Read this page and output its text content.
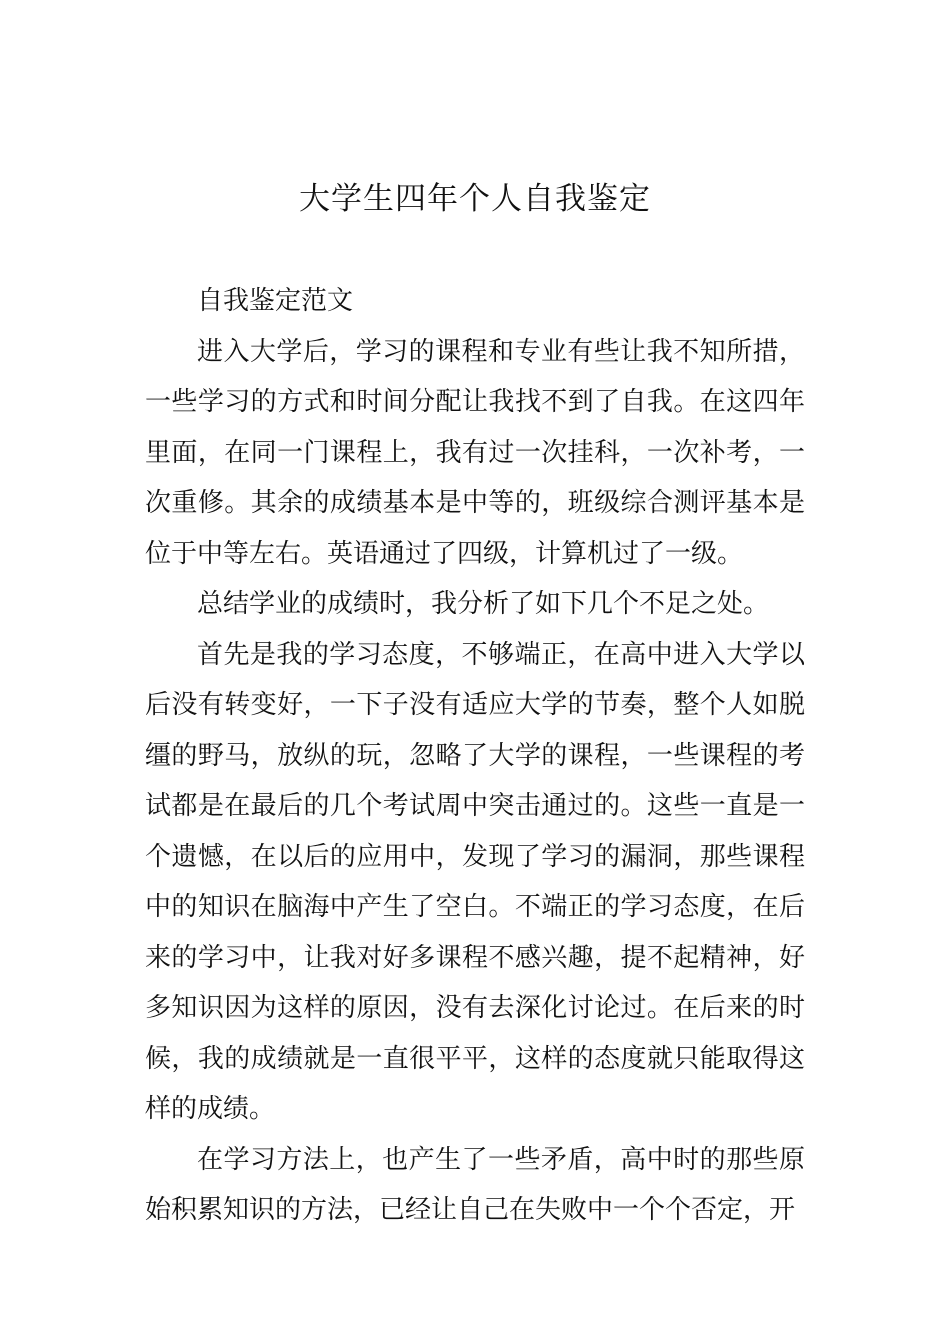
大学生四年个人自我鉴定

自我鉴定范文

进入大学后，学习的课程和专业有些让我不知所措，一些学习的方式和时间分配让我找不到了自我。在这四年里面，在同一门课程上，我有过一次挂科，一次补考，一次重修。其余的成绩基本是中等的，班级综合测评基本是位于中等左右。英语通过了四级，计算机过了一级。

总结学业的成绩时，我分析了如下几个不足之处。

首先是我的学习态度，不够端正，在高中进入大学以后没有转变好，一下子没有适应大学的节奏，整个人如脱缰的野马，放纵的玩，忽略了大学的课程，一些课程的考试都是在最后的几个考试周中突击通过的。这些一直是一个遗憾，在以后的应用中，发现了学习的漏洞，那些课程中的知识在脑海中产生了空白。不端正的学习态度，在后来的学习中，让我对好多课程不感兴趣，提不起精神，好多知识因为这样的原因，没有去深化讨论过。在后来的时候，我的成绩就是一直很平平，这样的态度就只能取得这样的成绩。

在学习方法上，也产生了一些矛盾，高中时的那些原始积累知识的方法，已经让自己在失败中一个个否定，开
